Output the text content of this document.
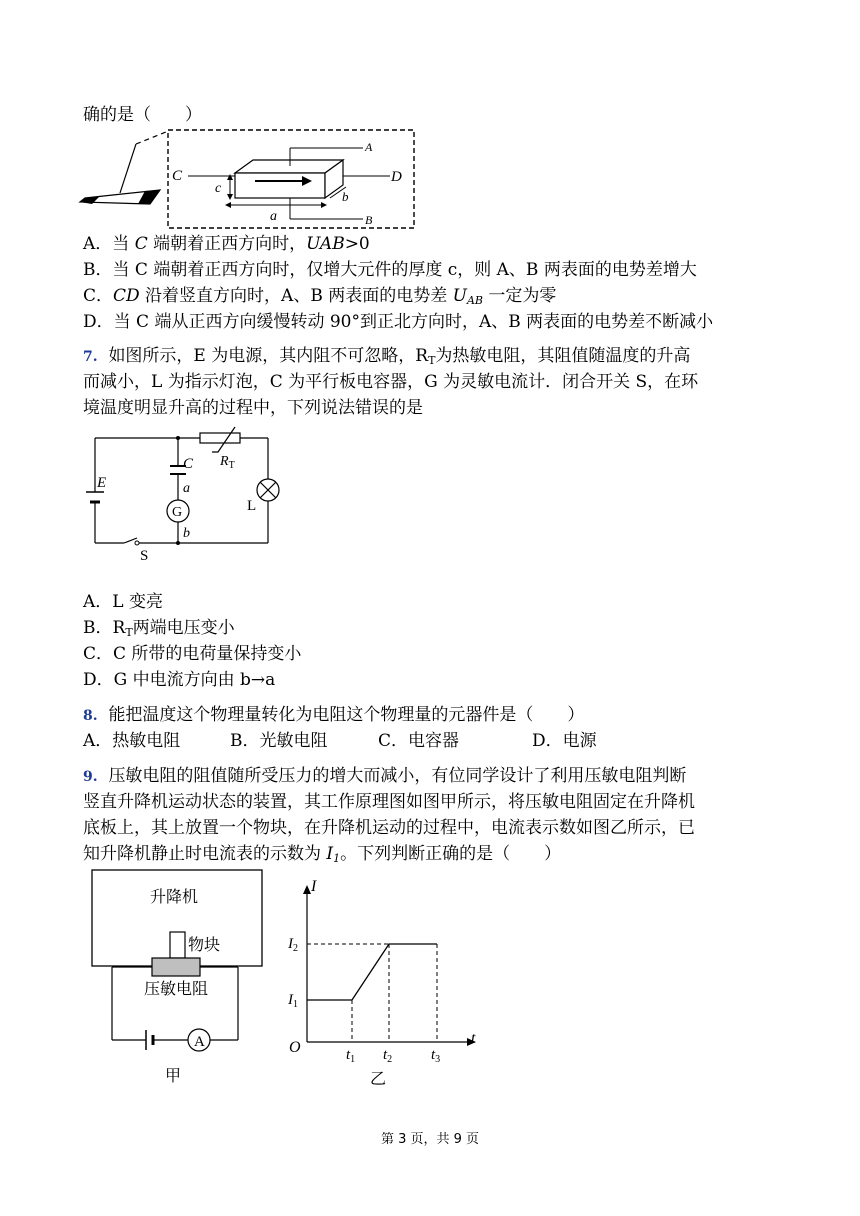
确的是（　　）
C	D
A
B
c
a
b
A．当 C 端朝着正西方向时，UAB>0
B．当 C 端朝着正西方向时，仅增大元件的厚度 c，则 A、B 两表面的电势差增大
C．CD 沿着竖直方向时，A、B 两表面的电势差 $U_{AB}$ 一定为零
D．当 C 端从正西方向缓慢转动 90°到正北方向时，A、B 两表面的电势差不断减小
7. 如图所示，E 为电源，其内阻不可忽略，$R_T$为热敏电阻，其阻值随温度的升高
而减小，L 为指示灯泡，C 为平行板电容器，G 为灵敏电流计．闭合开关 S，在环
境温度明显升高的过程中，下列说法错误的是
E
$R_T$
G
C
a
b
L
S
A．L 变亮
B．$R_T$两端电压变小
C．C 所带的电荷量保持变小
D．G 中电流方向由 b→a
8. 能把温度这个物理量转化为电阻这个物理量的元器件是（　　）
A．热敏电阻	B．光敏电阻	C．电容器	D．电源
9. 压敏电阻的阻值随所受压力的增大而减小，有位同学设计了利用压敏电阻判断
竖直升降机运动状态的装置，其工作原理图如图甲所示，将压敏电阻固定在升降机
底板上，其上放置一个物块，在升降机运动的过程中，电流表示数如图乙所示，已
知升降机静止时电流表的示数为 $I_1$。下列判断正确的是（　　）
升降机
物块
压敏电阻
A
甲
I
t
O
$I_1$
$I_2$
$t_1$ $t_2$	$t_3$
乙
第 3 页，共 9 页
